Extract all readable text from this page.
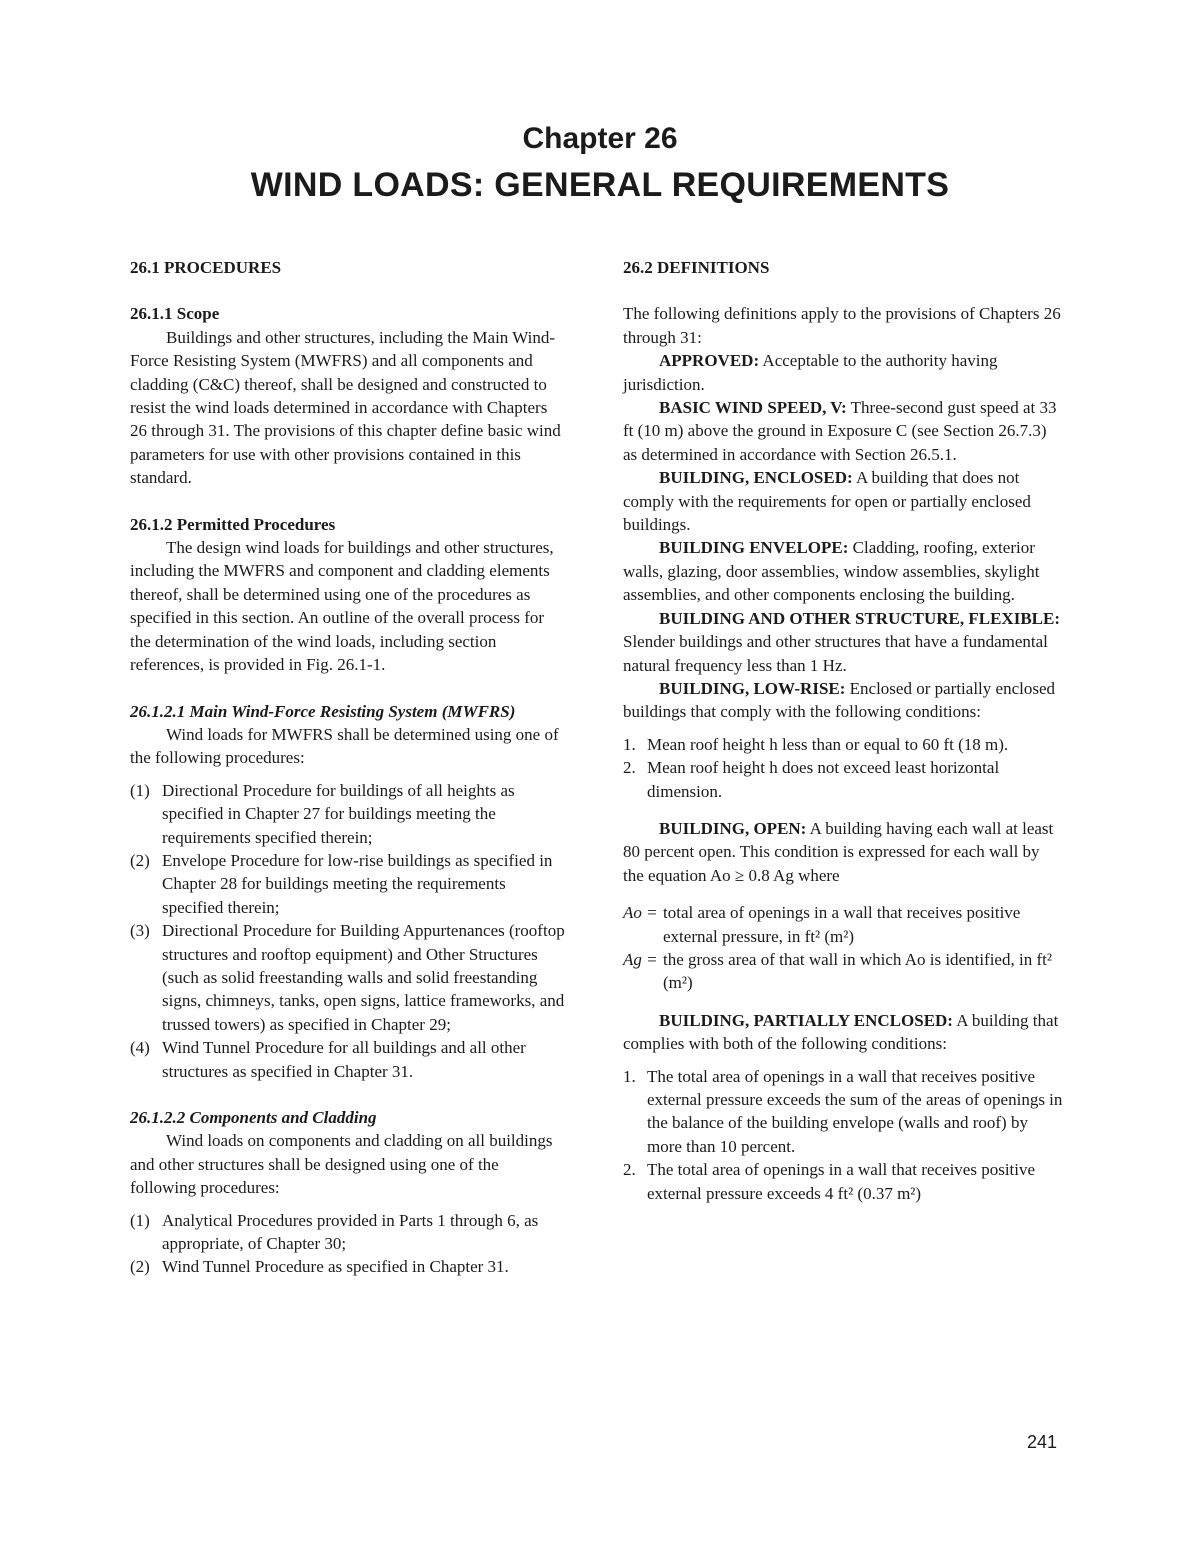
Chapter 26
WIND LOADS: GENERAL REQUIREMENTS

26.1 PROCEDURES

26.1.1 Scope

Buildings and other structures, including the Main Wind-Force Resisting System (MWFRS) and all components and cladding (C&C) thereof, shall be designed and constructed to resist the wind loads determined in accordance with Chapters 26 through 31. The provisions of this chapter define basic wind parameters for use with other provisions contained in this standard.

26.1.2 Permitted Procedures

The design wind loads for buildings and other structures, including the MWFRS and component and cladding elements thereof, shall be determined using one of the procedures as specified in this section. An outline of the overall process for the determination of the wind loads, including section references, is provided in Fig. 26.1-1.

26.1.2.1 Main Wind-Force Resisting System (MWFRS)

Wind loads for MWFRS shall be determined using one of the following procedures:

(1) Directional Procedure for buildings of all heights as specified in Chapter 27 for buildings meeting the requirements specified therein;

(2) Envelope Procedure for low-rise buildings as specified in Chapter 28 for buildings meeting the requirements specified therein;

(3) Directional Procedure for Building Appurtenances (rooftop structures and rooftop equipment) and Other Structures (such as solid freestanding walls and solid freestanding signs, chimneys, tanks, open signs, lattice frameworks, and trussed towers) as specified in Chapter 29;

(4) Wind Tunnel Procedure for all buildings and all other structures as specified in Chapter 31.

26.1.2.2 Components and Cladding

Wind loads on components and cladding on all buildings and other structures shall be designed using one of the following procedures:

(1) Analytical Procedures provided in Parts 1 through 6, as appropriate, of Chapter 30;

(2) Wind Tunnel Procedure as specified in Chapter 31.

26.2 DEFINITIONS

The following definitions apply to the provisions of Chapters 26 through 31:

APPROVED: Acceptable to the authority having jurisdiction.

BASIC WIND SPEED, V: Three-second gust speed at 33 ft (10 m) above the ground in Exposure C (see Section 26.7.3) as determined in accordance with Section 26.5.1.

BUILDING, ENCLOSED: A building that does not comply with the requirements for open or partially enclosed buildings.

BUILDING ENVELOPE: Cladding, roofing, exterior walls, glazing, door assemblies, window assemblies, skylight assemblies, and other components enclosing the building.

BUILDING AND OTHER STRUCTURE, FLEXIBLE: Slender buildings and other structures that have a fundamental natural frequency less than 1 Hz.

BUILDING, LOW-RISE: Enclosed or partially enclosed buildings that comply with the following conditions:

1. Mean roof height h less than or equal to 60 ft (18 m).

2. Mean roof height h does not exceed least horizontal dimension.

BUILDING, OPEN: A building having each wall at least 80 percent open. This condition is expressed for each wall by the equation Ao ≥ 0.8 Ag where

Ao = total area of openings in a wall that receives positive external pressure, in ft² (m²)

Ag = the gross area of that wall in which Ao is identified, in ft² (m²)

BUILDING, PARTIALLY ENCLOSED: A building that complies with both of the following conditions:

1. The total area of openings in a wall that receives positive external pressure exceeds the sum of the areas of openings in the balance of the building envelope (walls and roof) by more than 10 percent.

2. The total area of openings in a wall that receives positive external pressure exceeds 4 ft² (0.37 m²)

241
